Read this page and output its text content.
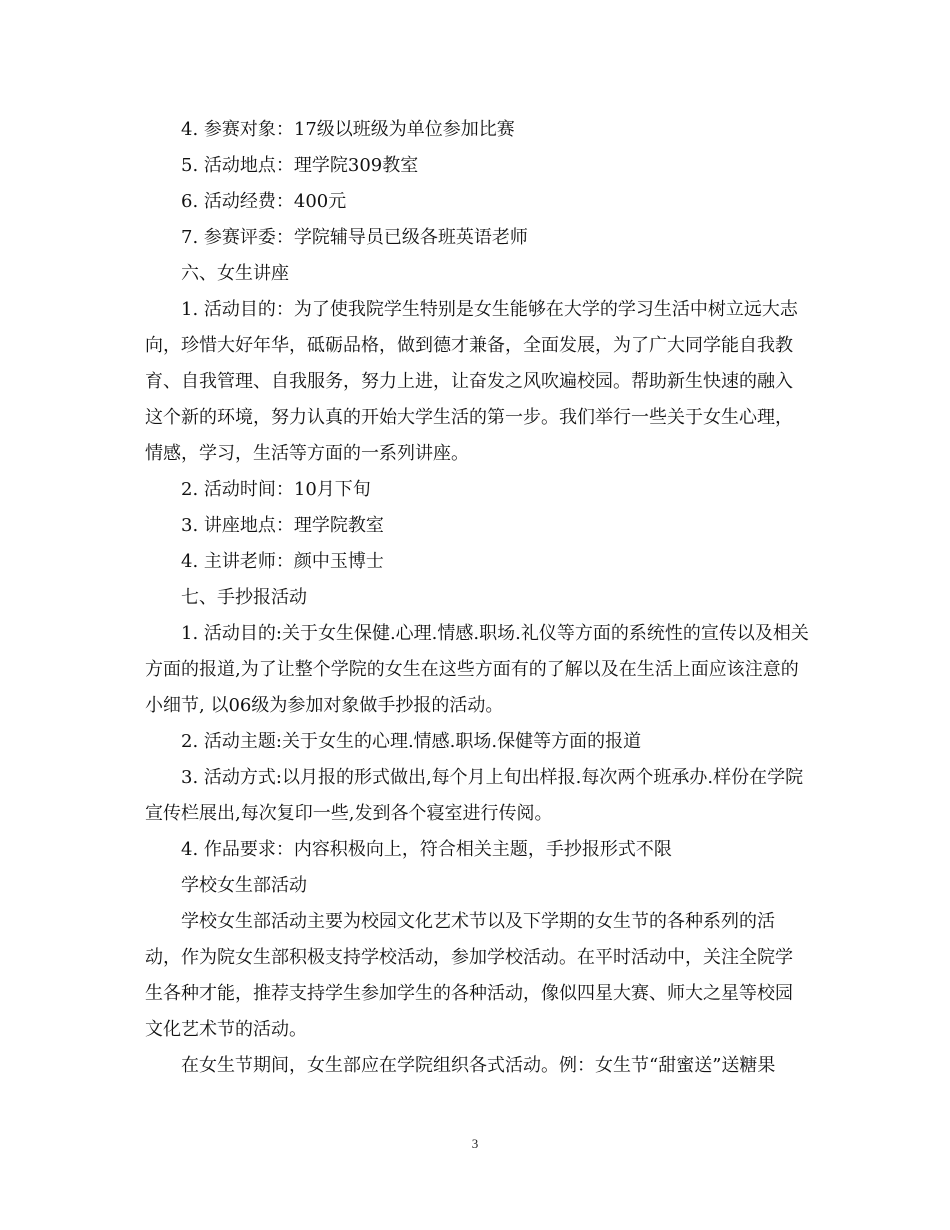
4. 参赛对象：17级以班级为单位参加比赛

5. 活动地点：理学院309教室

6. 活动经费：400元

7. 参赛评委：学院辅导员已级各班英语老师

六、女生讲座

1. 活动目的：为了使我院学生特别是女生能够在大学的学习生活中树立远大志向，珍惜大好年华，砥砺品格，做到德才兼备，全面发展，为了广大同学能自我教育、自我管理、自我服务，努力上进，让奋发之风吹遍校园。帮助新生快速的融入这个新的环境，努力认真的开始大学生活的第一步。我们举行一些关于女生心理，情感，学习，生活等方面的一系列讲座。

2. 活动时间：10月下旬

3. 讲座地点：理学院教室

4. 主讲老师：颜中玉博士

七、手抄报活动

1. 活动目的:关于女生保健.心理.情感.职场.礼仪等方面的系统性的宣传以及相关方面的报道,为了让整个学院的女生在这些方面有的了解以及在生活上面应该注意的小细节, 以06级为参加对象做手抄报的活动。

2. 活动主题:关于女生的心理.情感.职场.保健等方面的报道

3. 活动方式:以月报的形式做出,每个月上旬出样报.每次两个班承办.样份在学院宣传栏展出,每次复印一些,发到各个寝室进行传阅。

4. 作品要求：内容积极向上，符合相关主题，手抄报形式不限

学校女生部活动

学校女生部活动主要为校园文化艺术节以及下学期的女生节的各种系列的活动，作为院女生部积极支持学校活动，参加学校活动。在平时活动中，关注全院学生各种才能，推荐支持学生参加学生的各种活动，像似四星大赛、师大之星等校园文化艺术节的活动。

在女生节期间，女生部应在学院组织各式活动。例：女生节“甜蜜送”送糖果

3
